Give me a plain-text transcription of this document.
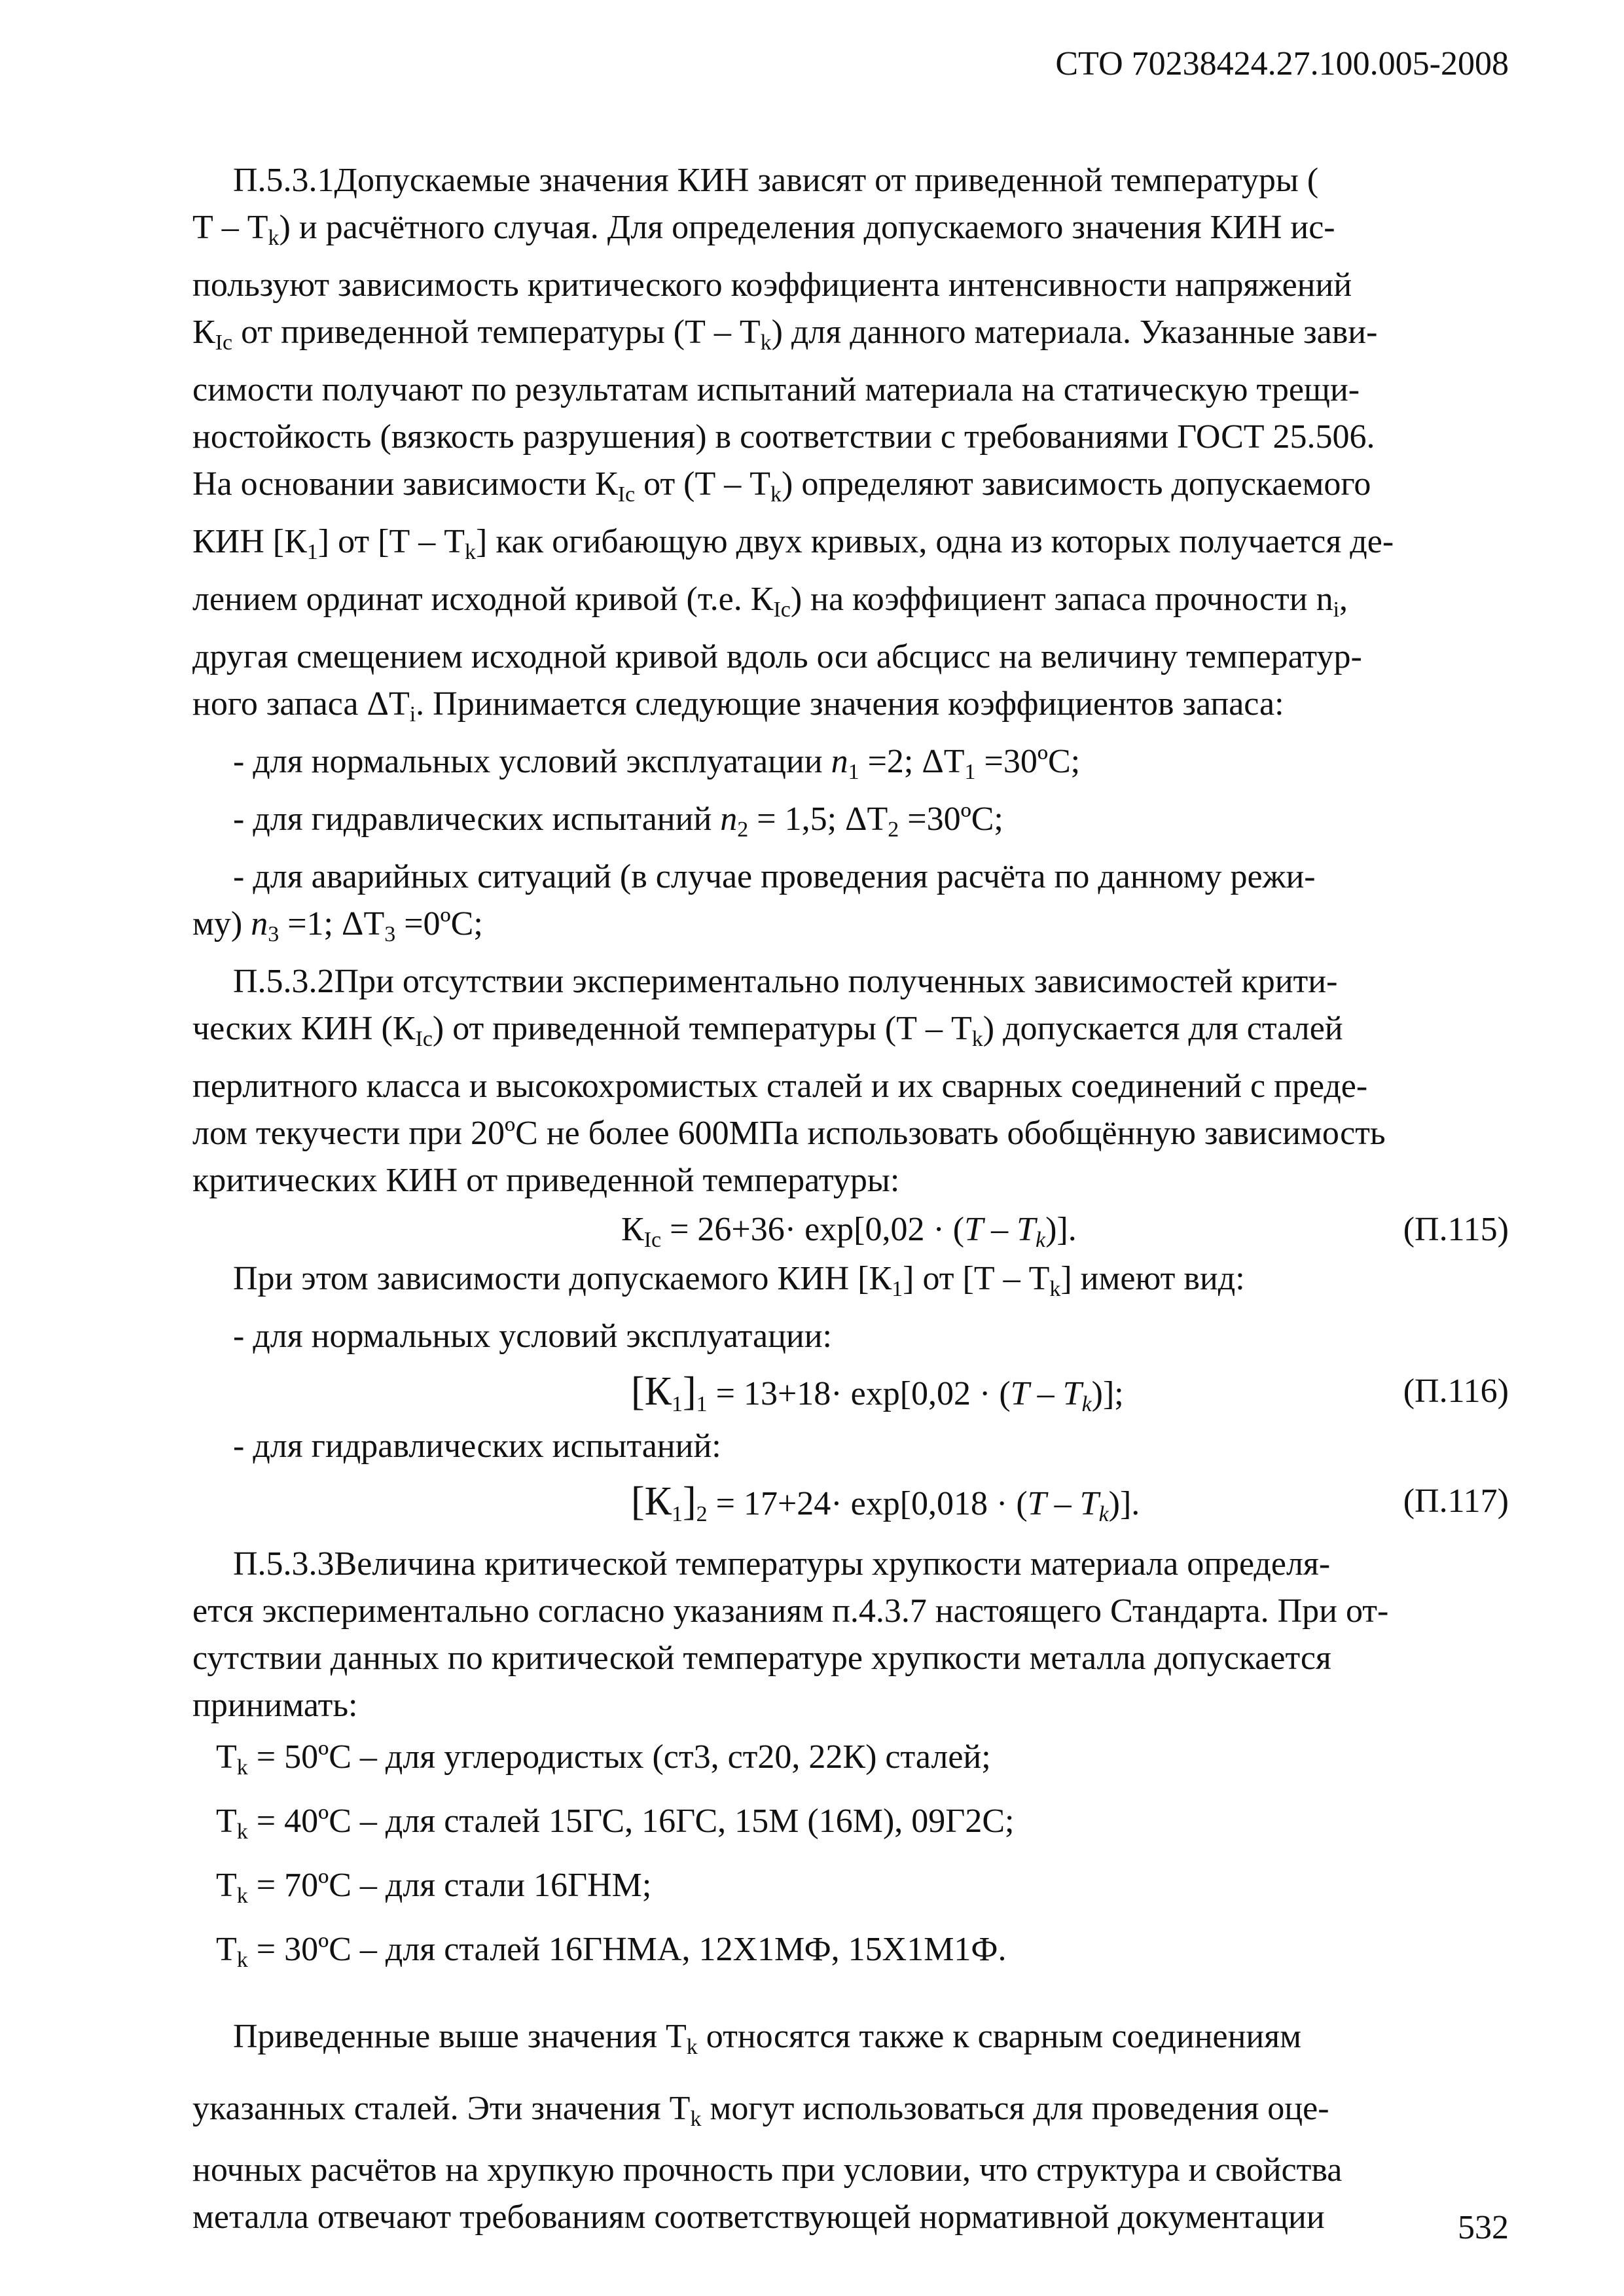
СТО 70238424.27.100.005-2008

П.5.3.1Допускаемые значения КИН зависят от приведенной температуры (

Т – $Т_k$) и расчётного случая. Для определения допускаемого значения КИН ис-

пользуют зависимость критического коэффициента интенсивности напряжений

$К_{Ic}$ от приведенной температуры $(Т - Т_k)$ для данного материала. Указанные зави-

симости получают по результатам испытаний материала на статическую трещи-

ностойкость (вязкость разрушения) в соответствии с требованиями ГОСТ 25.506.

На основании зависимости $К_{Ic}$ от $(Т - Т_k)$ определяют зависимость допускаемого

КИН $[К_1]$ от $[Т - Т_k]$ как огибающую двух кривых, одна из которых получается де-

лением ординат исходной кривой (т.е. $К_{Ic}$) на коэффициент запаса прочности $n_i$,

другая смещением исходной кривой вдоль оси абсцисс на величину температур-

ного запаса $\Delta Т_i$. Принимается следующие значения коэффициентов запаса:

- для нормальных условий эксплуатации $n_1 =2$; $\Delta T_1$ =30ºС;

- для гидравлических испытаний $n_2 = 1,5$; $\Delta T_2$ =30ºС;

- для аварийных ситуаций (в случае проведения расчёта по данному режи-

му) $n_3 =1$; $\Delta T_3$ =0ºС;

П.5.3.2При отсутствии экспериментально полученных зависимостей крити-

ческих КИН $(К_{Ic})$ от приведенной температуры $(Т - Т_k)$ допускается для сталей

перлитного класса и высокохромистых сталей и их сварных соединений с преде-

лом текучести при 20ºС не более 600МПа использовать обобщённую зависимость

критических КИН от приведенной температуры:

$К_{Ic} = 26+36\cdot \exp[0,02 \cdot (T - T_k)]$.	(П.115)

При этом зависимости допускаемого КИН $[К_1]$ от $[Т - Т_k]$ имеют вид:

- для нормальных условий эксплуатации:

$[К_1]_1 = 13+18\cdot \exp[0,02 \cdot (T - T_k)]$;	(П.116)

- для гидравлических испытаний:

$[К_1]_2 = 17+24\cdot \exp[0,018 \cdot (T - T_k)]$.	(П.117)

П.5.3.3Величина критической температуры хрупкости материала определя-

ется экспериментально согласно указаниям п.4.3.7 настоящего Стандарта. При от-

сутствии данных по критической температуре хрупкости металла допускается

принимать:

$Т_k$ = 50ºС – для углеродистых (ст3, ст20, 22К) сталей;
$Т_k$ = 40ºС – для сталей 15ГС, 16ГС, 15М (16М), 09Г2С;
$Т_k$ = 70ºС – для стали 16ГНМ;
$Т_k$ = 30ºС – для сталей 16ГНМА, 12Х1МФ, 15Х1М1Ф.

Приведенные выше значения $Т_k$ относятся также к сварным соединениям

указанных сталей. Эти значения $Т_k$ могут использоваться для проведения оце-

ночных расчётов на хрупкую прочность при условии, что структура и свойства

металла отвечают требованиям соответствующей нормативной документации	532
